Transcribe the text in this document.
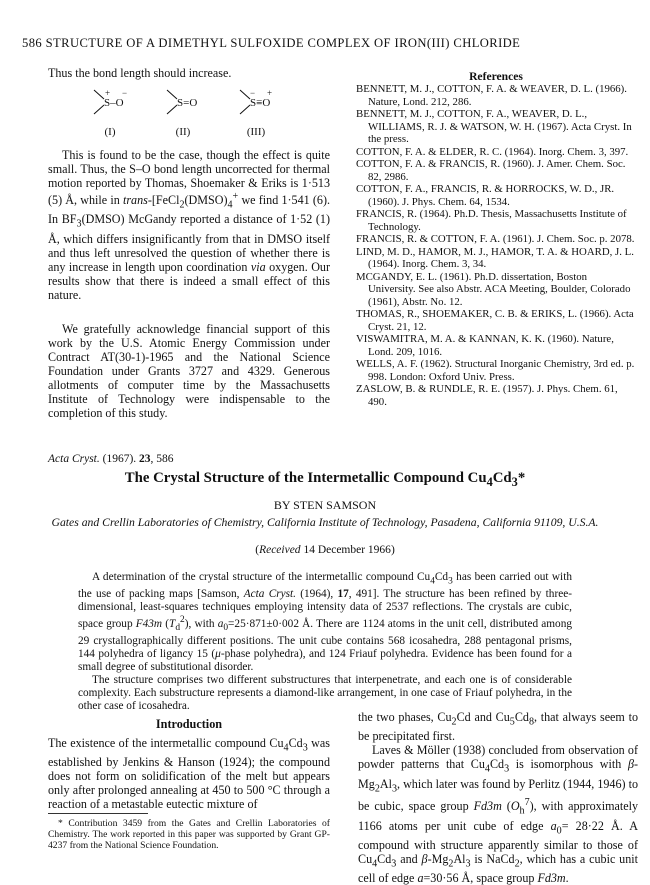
586 STRUCTURE OF A DIMETHYL SULFOXIDE COMPLEX OF IRON(III) CHLORIDE

Thus the bond length should increase.

+ −
S–O	S=O
− +
S≡O
(I)	(II)	(III)

This is found to be the case, though the effect is quite small. Thus, the S–O bond length uncorrected for thermal motion reported by Thomas, Shoemaker & Eriks is 1·513 (5) Å, while in trans-[$FeCl_2(DMSO)_4^+$ we find 1·541 (6). In $BF_3(DMSO)$ McGandy reported a distance of 1·52 (1) Å, which differs insignificantly from that in DMSO itself and thus left unresolved the question of whether there is any increase in length upon coordination via oxygen. Our results show that there is indeed a small effect of this nature.

We gratefully acknowledge financial support of this work by the U.S. Atomic Energy Commission under Contract AT(30-1)-1965 and the National Science Foundation under Grants 3727 and 4329. Generous allotments of computer time by the Massachusetts Institute of Technology were indispensable to the completion of this study.

References
BENNETT, M. J., COTTON, F. A. & WEAVER, D. L. (1966). Nature, Lond. 212, 286.
BENNETT, M. J., COTTON, F. A., WEAVER, D. L., WILLIAMS, R. J. & WATSON, W. H. (1967). Acta Cryst. In the press.
COTTON, F. A. & ELDER, R. C. (1964). Inorg. Chem. 3, 397.
COTTON, F. A. & FRANCIS, R. (1960). J. Amer. Chem. Soc. 82, 2986.
COTTON, F. A., FRANCIS, R. & HORROCKS, W. D., JR. (1960). J. Phys. Chem. 64, 1534.
FRANCIS, R. (1964). Ph.D. Thesis, Massachusetts Institute of Technology.
FRANCIS, R. & COTTON, F. A. (1961). J. Chem. Soc. p. 2078.
LIND, M. D., HAMOR, M. J., HAMOR, T. A. & HOARD, J. L. (1964). Inorg. Chem. 3, 34.
MCGANDY, E. L. (1961). Ph.D. dissertation, Boston University. See also Abstr. ACA Meeting, Boulder, Colorado (1961), Abstr. No. 12.
THOMAS, R., SHOEMAKER, C. B. & ERIKS, L. (1966). Acta Cryst. 21, 12.
VISWAMITRA, M. A. & KANNAN, K. K. (1960). Nature, Lond. 209, 1016.
WELLS, A. F. (1962). Structural Inorganic Chemistry, 3rd ed. p. 998. London: Oxford Univ. Press.
ZASLOW, B. & RUNDLE, R. E. (1957). J. Phys. Chem. 61, 490.
Acta Cryst. (1967). 23, 586
The Crystal Structure of the Intermetallic Compound $Cu_4Cd_3*$
BY STEN SAMSON
Gates and Crellin Laboratories of Chemistry, California Institute of Technology, Pasadena, California 91109, U.S.A.
(Received 14 December 1966)

A determination of the crystal structure of the intermetallic compound $Cu_4Cd_3$ has been carried out with the use of packing maps [Samson, Acta Cryst. (1964), 17, 491]. The structure has been refined by three-dimensional, least-squares techniques employing intensity data of 2537 reflections. The crystals are cubic, space group F43m $(T_d^2)$, with $a_0=25\cdot 871\pm 0\cdot 002$ Å. There are 1124 atoms in the unit cell, distributed among 29 crystallographically different positions. The unit cube contains 568 icosahedra, 288 pentagonal prisms, 144 polyhedra of ligancy 15 (μ-phase polyhedra), and 124 Friauf polyhedra. Evidence has been found for a small degree of substitutional disorder.

The structure comprises two different substructures that interpenetrate, and each one is of considerable complexity. Each substructure represents a diamond-like arrangement, in one case of Friauf polyhedra, in the other case of icosahedra.

Introduction

The existence of the intermetallic compound $Cu_4Cd_3$ was established by Jenkins & Hanson (1924); the compound does not form on solidification of the melt but appears only after prolonged annealing at 450 to 500 °C through a reaction of a metastable eutectic mixture of

* Contribution 3459 from the Gates and Crellin Laboratories of Chemistry. The work reported in this paper was supported by Grant GP-4237 from the National Science Foundation.

the two phases, $Cu_2Cd$ and $Cu_5Cd_8$, that always seem to be precipitated first.

Laves & Möller (1938) concluded from observation of powder patterns that $Cu_4Cd_3$ is isomorphous with $\beta-Mg_2Al_3$, which later was found by Perlitz (1944, 1946) to be cubic, space group Fd3m $(O_h^7)$, with approximately 1166 atoms per unit cube of edge $a_0= 28\cdot 22$ Å. A compound with structure apparently similar to those of $Cu_4Cd_3$ and $\beta-Mg_2Al_3$ is NaCd$_2$, which has a cubic unit cell of edge a=30·56 Å, space group Fd3m.
